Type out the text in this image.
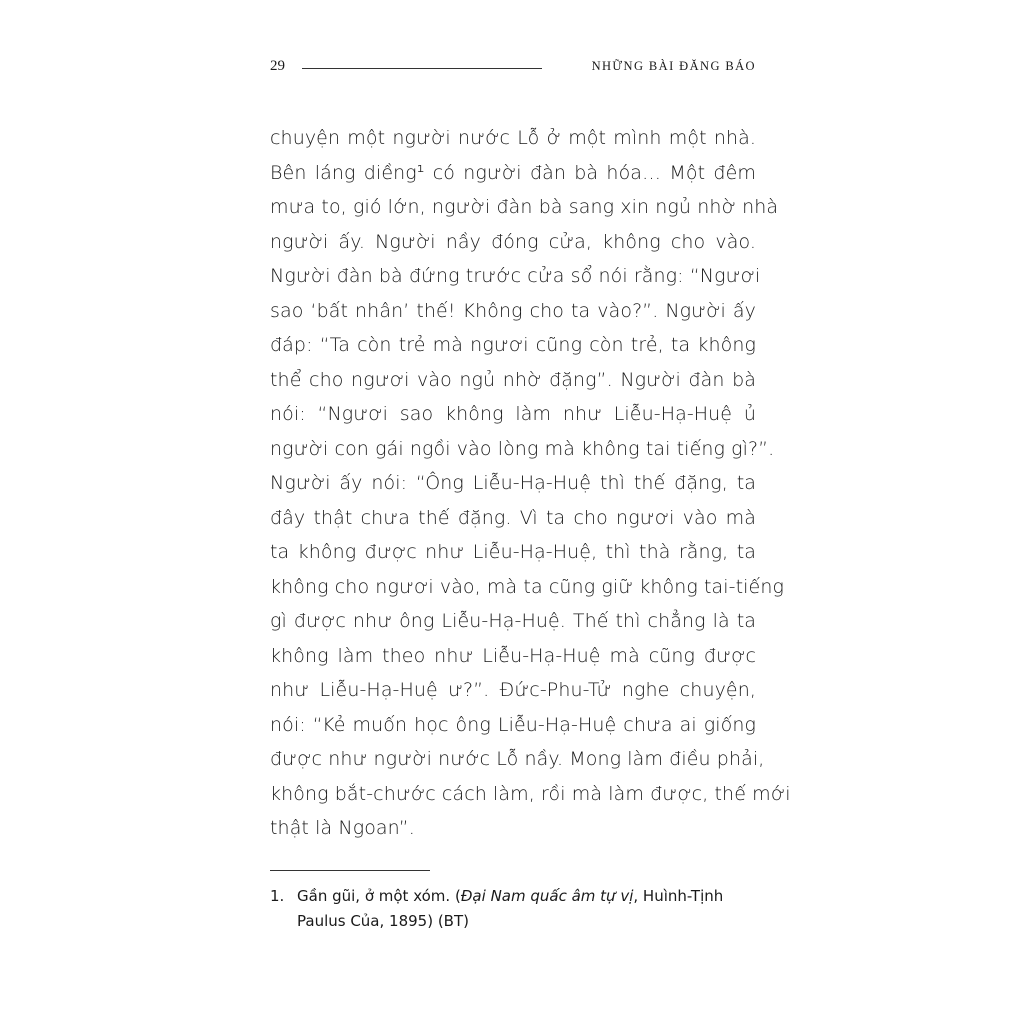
29	NHỮNG BÀI ĐĂNG BÁO
chuyện một người nước Lỗ ở một mình một nhà.
Bên láng diềng¹ có người đàn bà hóa… Một đêm
mưa to, gió lớn, người đàn bà sang xin ngủ nhờ nhà
người ấy. Người nầy đóng cửa, không cho vào.
Người đàn bà đứng trước cửa sổ nói rằng: “Ngươi
sao ‘bất nhân’ thế! Không cho ta vào?”. Người ấy
đáp: “Ta còn trẻ mà ngươi cũng còn trẻ, ta không
thể cho ngươi vào ngủ nhờ đặng”. Người đàn bà
nói: “Ngươi sao không làm như Liễu-Hạ-Huệ ủ
người con gái ngồi vào lòng mà không tai tiếng gì?”.
Người ấy nói: “Ông Liễu-Hạ-Huệ thì thế đặng, ta
đây thật chưa thế đặng. Vì ta cho ngươi vào mà
ta không được như Liễu-Hạ-Huệ, thì thà rằng, ta
không cho ngươi vào, mà ta cũng giữ không tai-tiếng
gì được như ông Liễu-Hạ-Huệ. Thế thì chẳng là ta
không làm theo như Liễu-Hạ-Huệ mà cũng được
như Liễu-Hạ-Huệ ư?”. Đức-Phu-Tử nghe chuyện,
nói: “Kẻ muốn học ông Liễu-Hạ-Huệ chưa ai giống
được như người nước Lỗ nầy. Mong làm điều phải,
không bắt-chước cách làm, rồi mà làm được, thế mới
thật là Ngoan”.
1. Gần gũi, ở một xóm. (Đại Nam quấc âm tự vị, Huình-Tịnh
Paulus Của, 1895) (BT)
